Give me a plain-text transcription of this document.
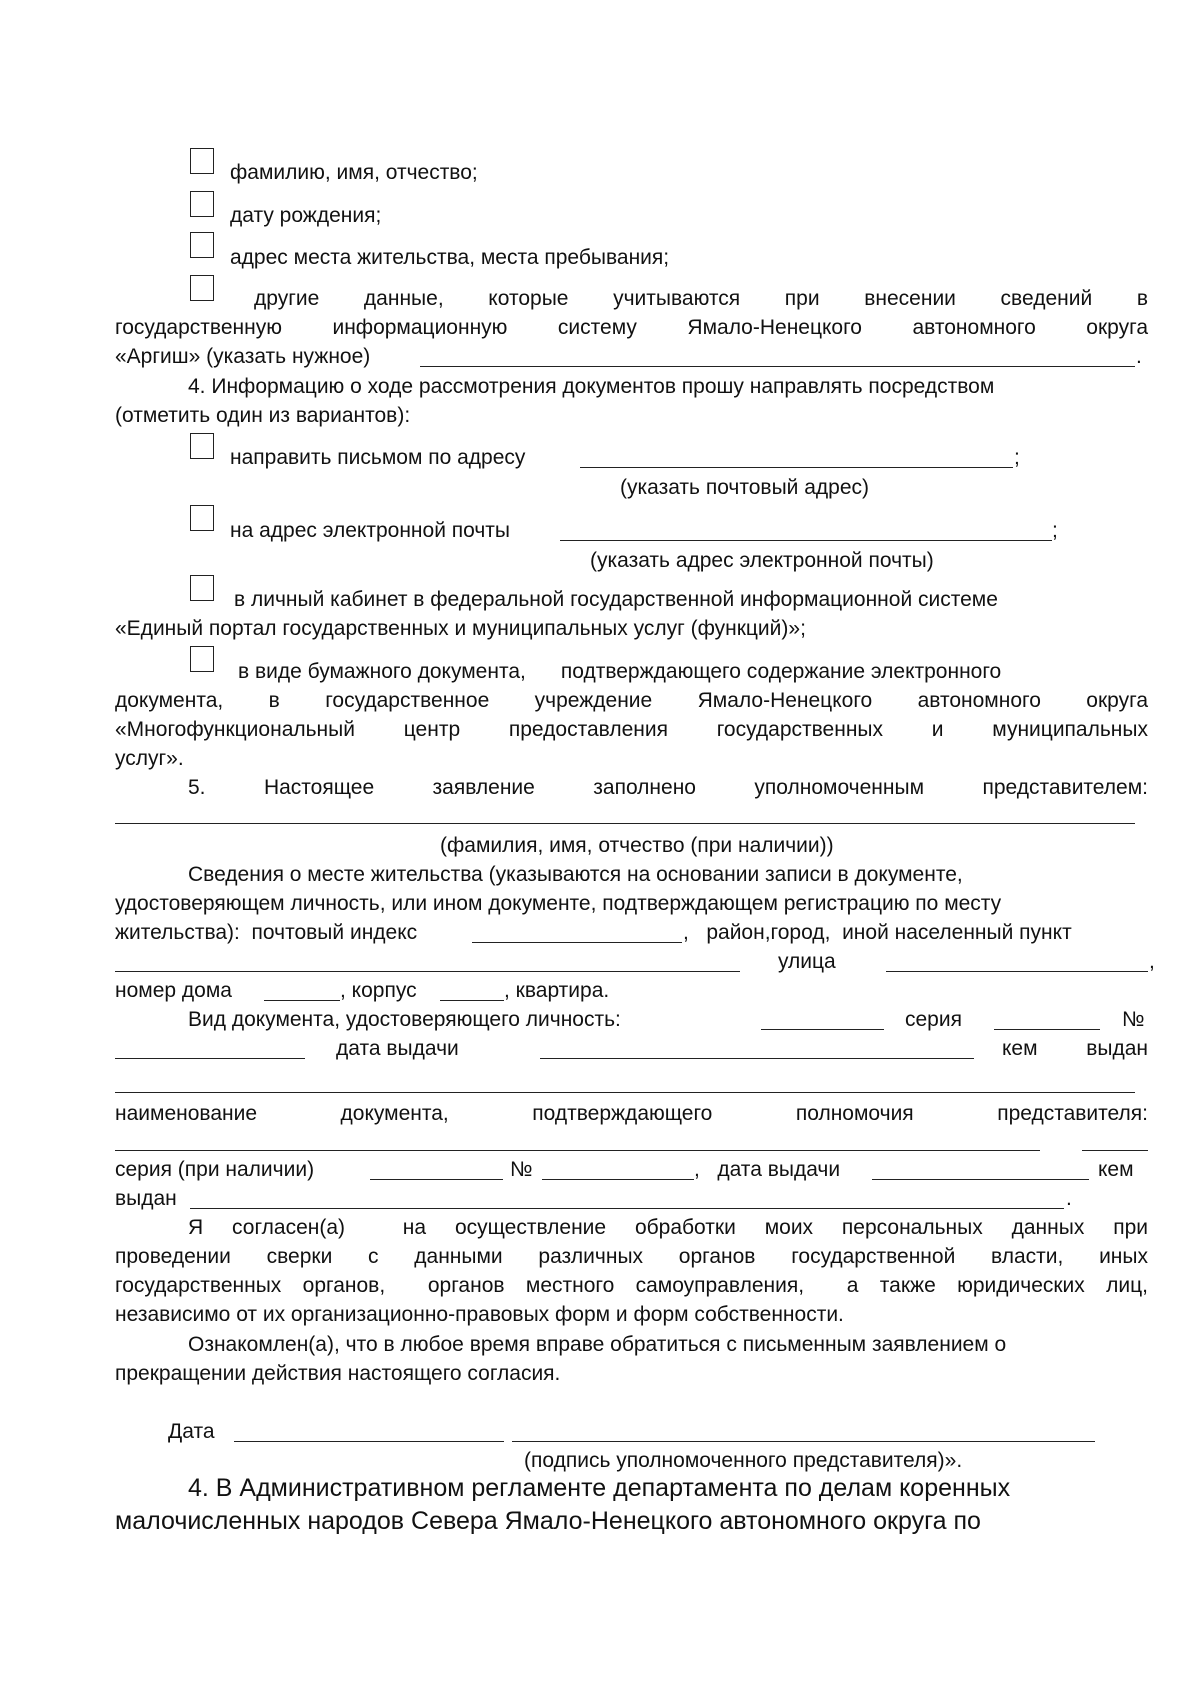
фамилию, имя, отчество;
дату рождения;
адрес места жительства, места пребывания;
другие данные, которые учитываются при внесении сведений в
государственную информационную систему Ямало-Ненецкого автономного округа
«Аргиш» (указать нужное)	.
4. Информацию о ходе рассмотрения документов прошу направлять посредством
(отметить один из вариантов):
направить письмом по адресу	;
(указать почтовый адрес)
на адрес электронной почты	;
(указать адрес электронной почты)
в личный кабинет в федеральной государственной информационной системе
«Единый портал государственных и муниципальных услуг (функций)»;
в виде бумажного документа,      подтверждающего содержание электронного
документа, в государственное учреждение Ямало-Ненецкого автономного округа
«Многофункциональный центр предоставления государственных и муниципальных
услуг».
5. Настоящее заявление заполнено уполномоченным представителем:
(фамилия, имя, отчество (при наличии))
Сведения о месте жительства (указываются на основании записи в документе,
удостоверяющем личность, или ином документе, подтверждающем регистрацию по месту
жительства):  почтовый индекс	,   район,город,  иной населенный пункт
улица	,
номер дома	, корпус	, квартира.
Вид документа, удостоверяющего личность:	серия	№
дата выдачи	кем выдан
наименование документа, подтверждающего полномочия представителя:
серия (при наличии)	№	,   дата выдачи	кем
выдан	.
Я согласен(а)  на осуществление обработки моих персональных данных при
проведении сверки с данными различных органов государственной власти, иных
государственных органов,  органов местного самоуправления,  а также юридических лиц,
независимо от их организационно-правовых форм и форм собственности.
Ознакомлен(а), что в любое время вправе обратиться с письменным заявлением о
прекращении действия настоящего согласия.
Дата
(подпись уполномоченного представителя)».
4. В Административном регламенте департамента по делам коренных
малочисленных народов Севера Ямало-Ненецкого автономного округа по
